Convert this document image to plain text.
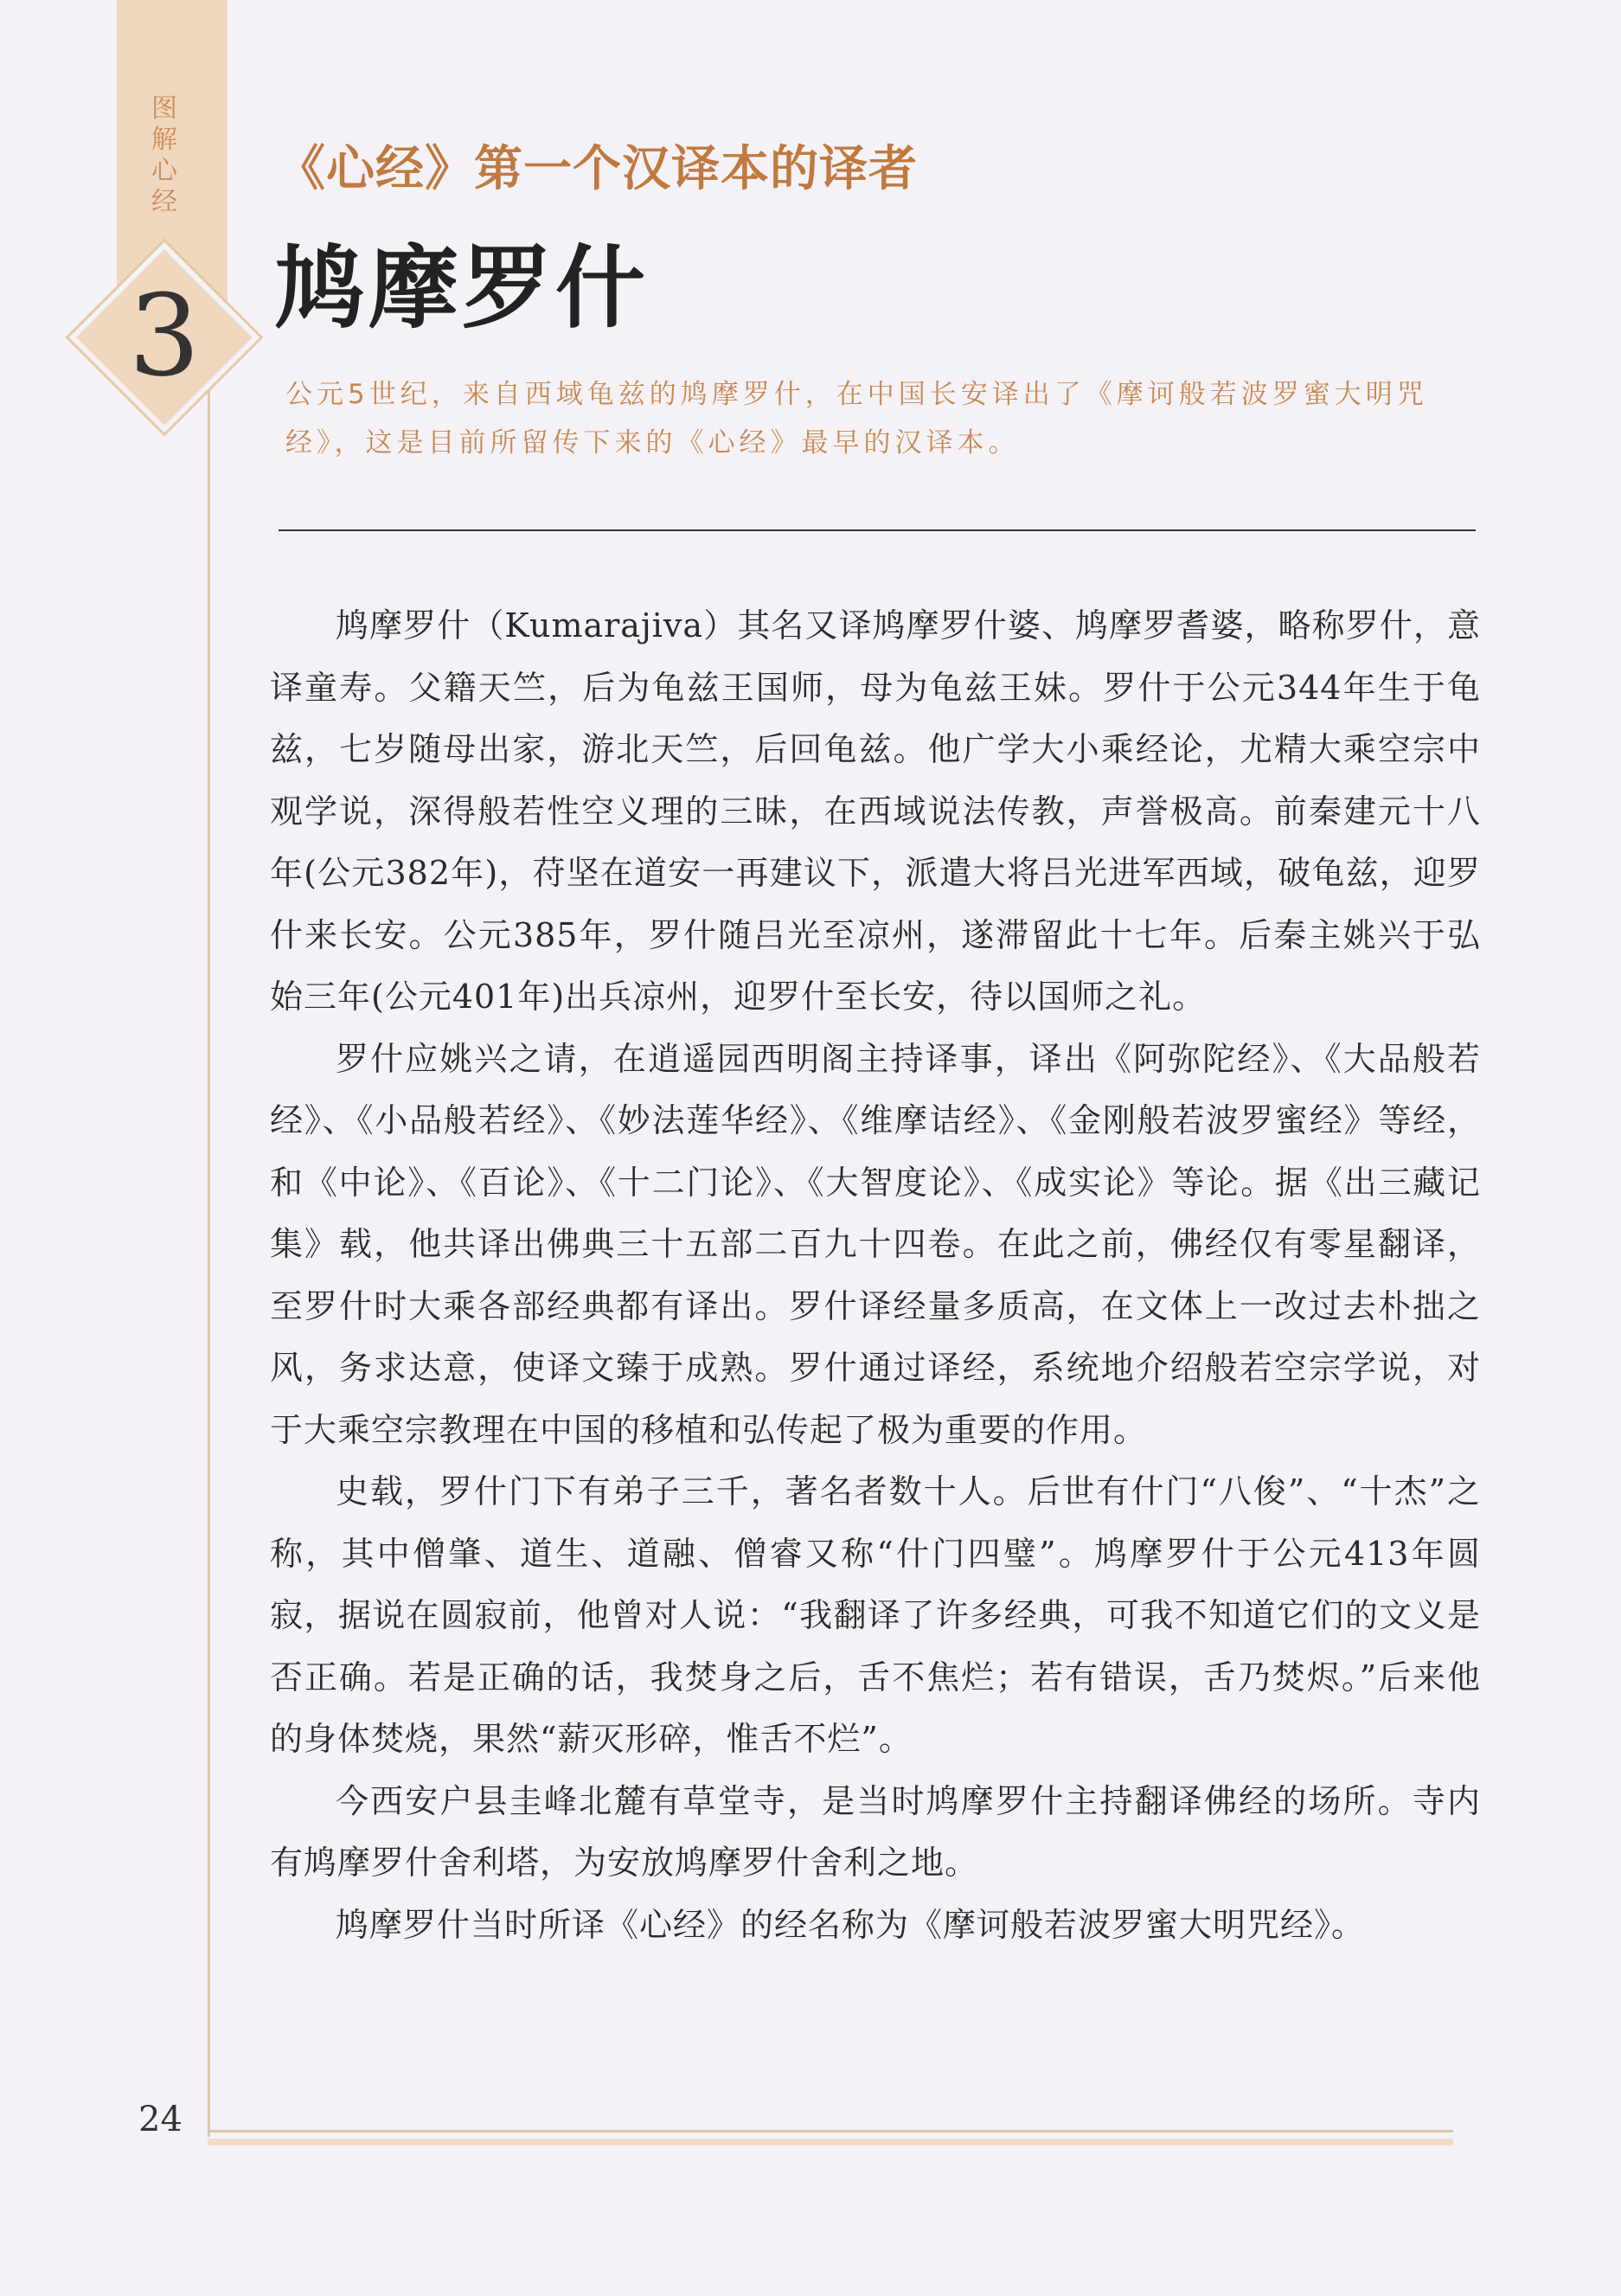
图
解
心
经
3
《心经》第一个汉译本的译者
鸠摩罗什
公元5世纪，来自西域龟兹的鸠摩罗什，在中国长安译出了《摩诃般若波罗蜜大明咒经》，这是目前所留传下来的《心经》最早的汉译本。

鸠摩罗什（Kumarajiva）其名又译鸠摩罗什婆、鸠摩罗耆婆，略称罗什，意译童寿。父籍天竺，后为龟兹王国师，母为龟兹王妹。罗什于公元344年生于龟兹，七岁随母出家，游北天竺，后回龟兹。他广学大小乘经论，尤精大乘空宗中观学说，深得般若性空义理的三昧，在西域说法传教，声誉极高。前秦建元十八年(公元382年)，苻坚在道安一再建议下，派遣大将吕光进军西域，破龟兹，迎罗什来长安。公元385年，罗什随吕光至凉州，遂滞留此十七年。后秦主姚兴于弘始三年(公元401年)出兵凉州，迎罗什至长安，待以国师之礼。

罗什应姚兴之请，在逍遥园西明阁主持译事，译出《阿弥陀经》、《大品般若经》、《小品般若经》、《妙法莲华经》、《维摩诘经》、《金刚般若波罗蜜经》等经，和《中论》、《百论》、《十二门论》、《大智度论》、《成实论》等论。据《出三藏记集》载，他共译出佛典三十五部二百九十四卷。在此之前，佛经仅有零星翻译，至罗什时大乘各部经典都有译出。罗什译经量多质高，在文体上一改过去朴拙之风，务求达意，使译文臻于成熟。罗什通过译经，系统地介绍般若空宗学说，对于大乘空宗教理在中国的移植和弘传起了极为重要的作用。

史载，罗什门下有弟子三千，著名者数十人。后世有什门“八俊”、“十杰”之称，其中僧肇、道生、道融、僧睿又称“什门四璧”。鸠摩罗什于公元413年圆寂，据说在圆寂前，他曾对人说：“我翻译了许多经典，可我不知道它们的文义是否正确。若是正确的话，我焚身之后，舌不焦烂；若有错误，舌乃焚烬。”后来他的身体焚烧，果然“薪灭形碎，惟舌不烂”。

今西安户县圭峰北麓有草堂寺，是当时鸠摩罗什主持翻译佛经的场所。寺内有鸠摩罗什舍利塔，为安放鸠摩罗什舍利之地。

鸠摩罗什当时所译《心经》的经名称为《摩诃般若波罗蜜大明咒经》。

24
